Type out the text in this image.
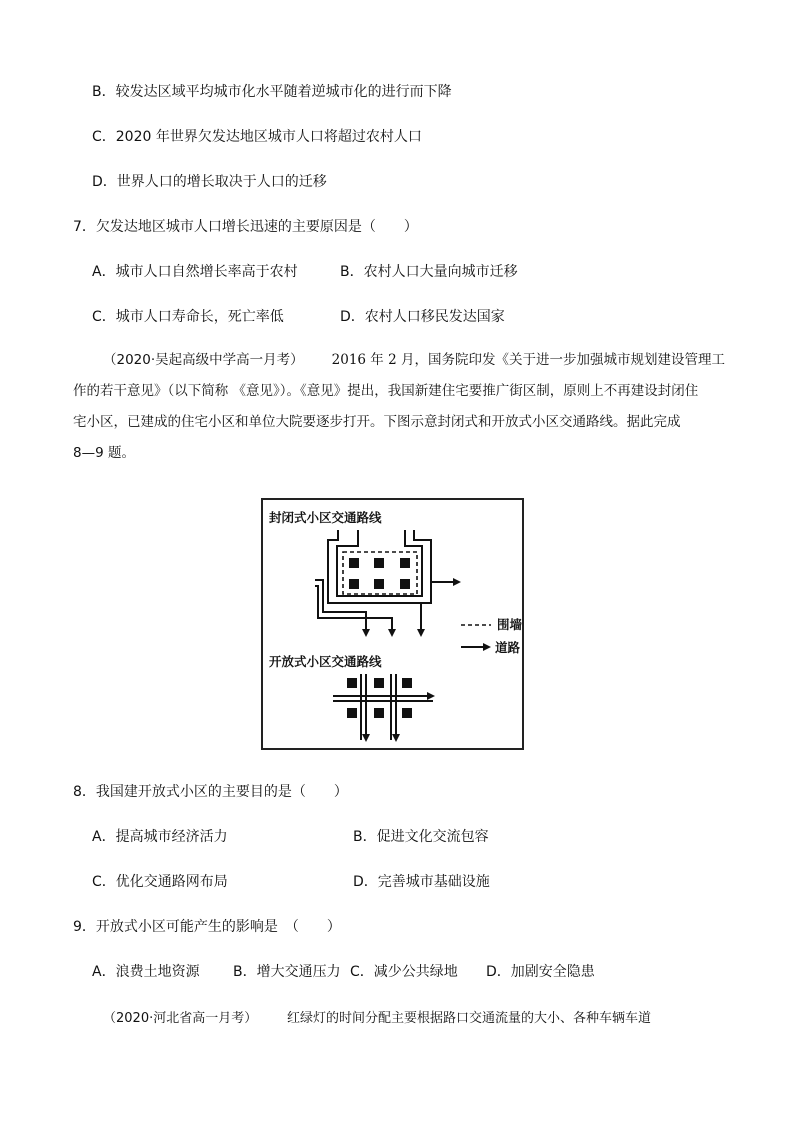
B．较发达区域平均城市化水平随着逆城市化的进行而下降
C．2020 年世界欠发达地区城市人口将超过农村人口
D．世界人口的增长取决于人口的迁移
7．欠发达地区城市人口增长迅速的主要原因是（　　）
A．城市人口自然增长率高于农村	B．农村人口大量向城市迁移
C．城市人口寿命长，死亡率低	D．农村人口移民发达国家
（2020·吴起高级中学高一月考） 2016 年 2 月，国务院印发《关于进一步加强城市规划建设管理工
作的若干意见》（以下简称 《意见》）。《意见》提出，我国新建住宅要推广街区制，原则上不再建设封闭住
宅小区，已建成的住宅小区和单位大院要逐步打开。下图示意封闭式和开放式小区交通路线。据此完成
8—9 题。
封闭式小区交通路线
开放式小区交通路线
围墙
道路
8．我国建开放式小区的主要目的是（　　）
A．提高城市经济活力	B．促进文化交流包容
C．优化交通路网布局	D．完善城市基础设施
9．开放式小区可能产生的影响是　（　　）
A．浪费土地资源 B．增大交通压力 C．减少公共绿地 D．加剧安全隐患
（2020·河北省高一月考） 红绿灯的时间分配主要根据路口交通流量的大小、各种车辆车道
